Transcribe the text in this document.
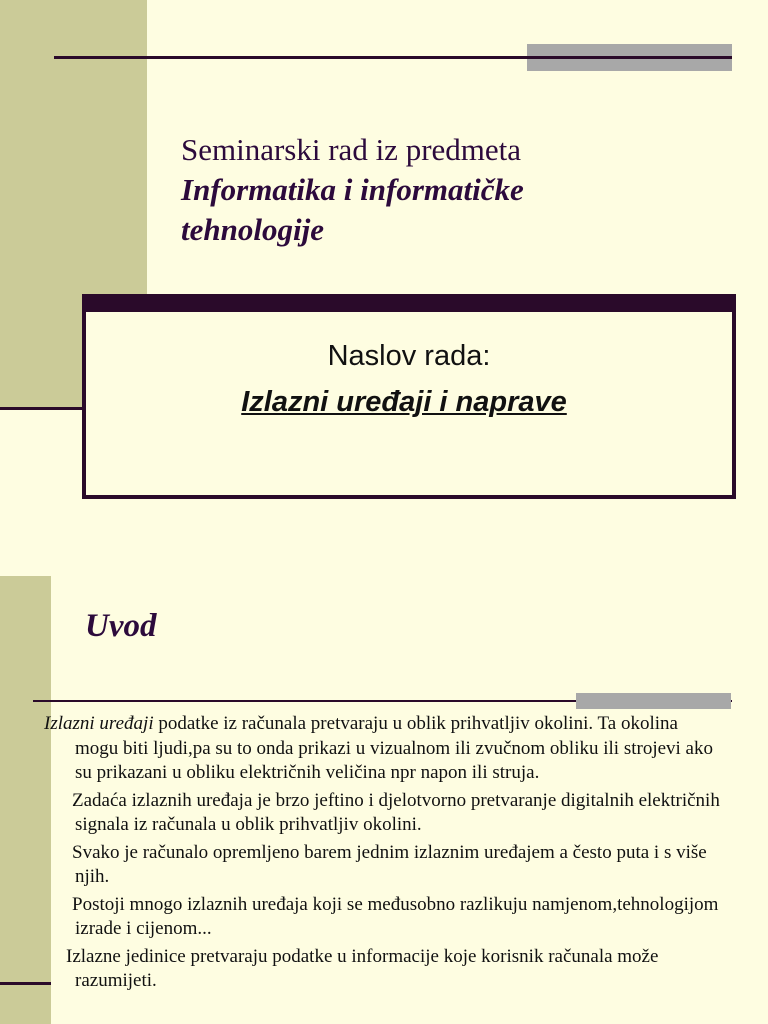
Seminarski rad iz predmeta
Informatika i informatičke
tehnologije
Naslov rada:
Izlazni uređaji i naprave
Uvod

Izlazni uređaji podatke iz računala pretvaraju u oblik prihvatljiv okolini. Ta okolina mogu biti ljudi,pa su to onda prikazi u vizualnom ili zvučnom obliku ili strojevi ako su prikazani u obliku električnih veličina npr napon ili struja.

Zadaća izlaznih uređaja je brzo jeftino i djelotvorno pretvaranje digitalnih električnih signala iz računala u oblik prihvatljiv okolini.

Svako je računalo opremljeno barem jednim izlaznim uređajem a često puta i s više njih.

Postoji mnogo izlaznih uređaja koji se međusobno razlikuju namjenom,tehnologijom izrade i cijenom...

Izlazne jedinice pretvaraju podatke u informacije koje korisnik računala može razumijeti.
